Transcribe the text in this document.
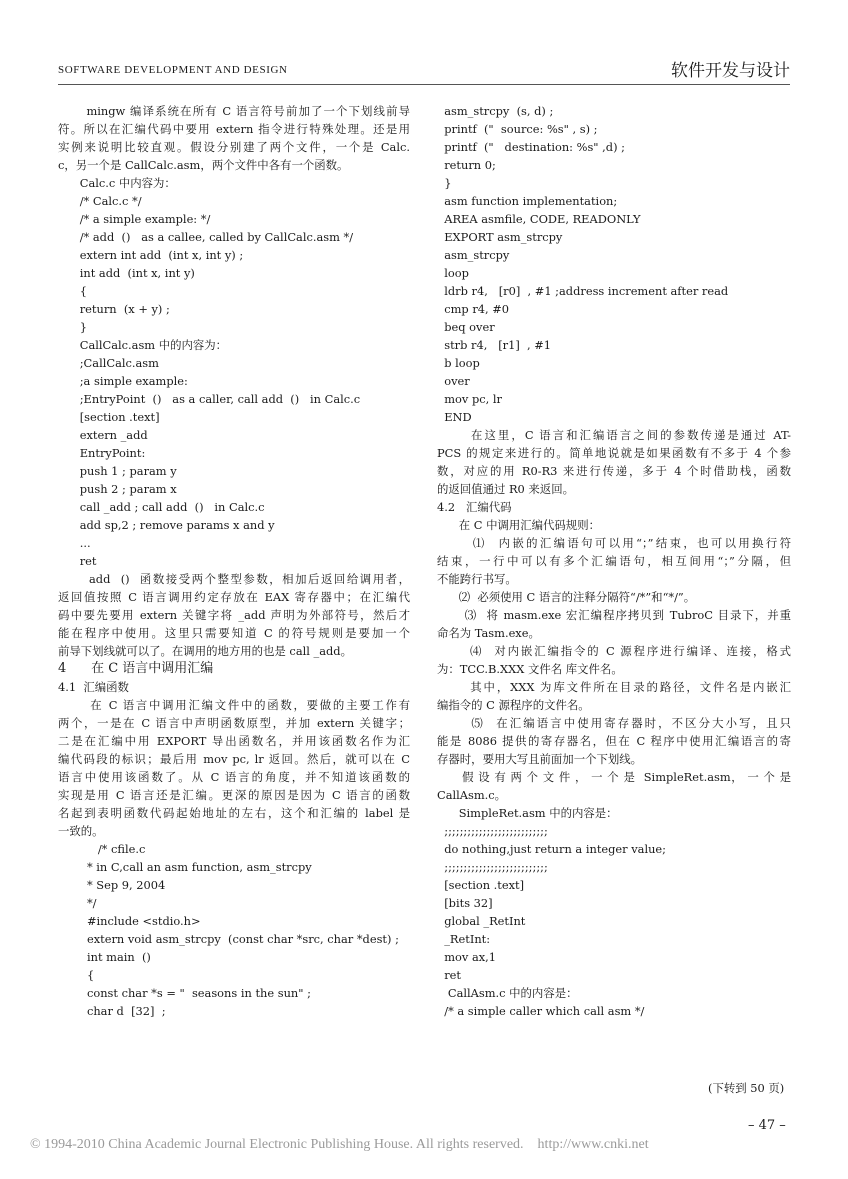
SOFTWARE DEVELOPMENT AND DESIGN	软件开发与设计
mingw 编译系统在所有 C 语言符号前加了一个下划线前导
符。所以在汇编代码中要用 extern 指令进行特殊处理。还是用
实例来说明比较直观。假设分别建了两个文件，一个是 Calc.
c，另一个是 CallCalc.asm，两个文件中各有一个函数。
Calc.c 中内容为：
/* Calc.c */
/* a simple example: */
/* add  ()   as a callee, called by CallCalc.asm */
extern int add  (int x, int y) ;
int add  (int x, int y)
{
return  (x + y) ;
}
CallCalc.asm 中的内容为：
;CallCalc.asm
;a simple example:
;EntryPoint  ()   as a caller, call add  ()   in Calc.c
[section .text]
extern _add
EntryPoint:
push 1 ; param y
push 2 ; param x
call _add ; call add  ()   in Calc.c
add sp,2 ; remove params x and y
...
ret
add  ()  函数接受两个整型参数，相加后返回给调用者，
返回值按照 C 语言调用约定存放在 EAX 寄存器中；在汇编代
码中要先要用 extern 关键字将 _add 声明为外部符号，然后才
能在程序中使用。这里只需要知道 C 的符号规则是要加一个
前导下划线就可以了。在调用的地方用的也是 call _add。
4      在 C 语言中调用汇编
4.1  汇编函数
在 C 语言中调用汇编文件中的函数，要做的主要工作有
两个，一是在 C 语言中声明函数原型，并加 extern 关键字；
二是在汇编中用 EXPORT 导出函数名，并用该函数名作为汇
编代码段的标识；最后用 mov pc, lr 返回。然后，就可以在 C
语言中使用该函数了。从 C 语言的角度，并不知道该函数的
实现是用 C 语言还是汇编。更深的原因是因为 C 语言的函数
名起到表明函数代码起始地址的左右，这个和汇编的 label 是
一致的。
/* cfile.c
* in C,call an asm function, asm_strcpy
* Sep 9, 2004
*/
#include <stdio.h>
extern void asm_strcpy  (const char *src, char *dest) ;
int main  ()
{
const char *s = "  seasons in the sun" ;
char d  [32]  ;
asm_strcpy  (s, d) ;
printf  ("  source: %s" , s) ;
printf  ("   destination: %s" ,d) ;
return 0;
}
asm function implementation;
AREA asmfile, CODE, READONLY
EXPORT asm_strcpy
asm_strcpy
loop
ldrb r4,   [r0]  , #1 ;address increment after read
cmp r4, #0
beq over
strb r4,   [r1]  , #1
b loop
over
mov pc, lr
END
在这里，C 语言和汇编语言之间的参数传递是通过 AT-
PCS 的规定来进行的。简单地说就是如果函数有不多于 4 个参
数，对应的用 R0-R3 来进行传递，多于 4 个时借助栈，函数
的返回值通过 R0 来返回。
4.2   汇编代码
在 C 中调用汇编代码规则：
⑴  内嵌的汇编语句可以用“；”结束，也可以用换行符
结束，一行中可以有多个汇编语句，相互间用“；”分隔，但
不能跨行书写。
⑵  必须使用 C 语言的注释分隔符“/*”和“*/”。
⑶  将 masm.exe 宏汇编程序拷贝到 TubroC 目录下，并重
命名为 Tasm.exe。
⑷  对内嵌汇编指令的 C 源程序进行编译、连接，格式
为：TCC.B.XXX 文件名 库文件名。
其中，XXX 为库文件所在目录的路径，文件名是内嵌汇
编指令的 C 源程序的文件名。
⑸  在汇编语言中使用寄存器时，不区分大小写，且只
能是 8086 提供的寄存器名，但在 C 程序中使用汇编语言的寄
存器时，要用大写且前面加一个下划线。
假 设 有 两 个 文 件 ， 一 个 是  SimpleRet.asm， 一 个 是
CallAsm.c。
SimpleRet.asm 中的内容是：
;;;;;;;;;;;;;;;;;;;;;;;;;;;
do nothing,just return a integer value;
;;;;;;;;;;;;;;;;;;;;;;;;;;;
[section .text]
[bits 32]
global _RetInt
_RetInt:
mov ax,1
ret
CallAsm.c 中的内容是：
/* a simple caller which call asm */
(下转到 50 页)
– 47 –
© 1994-2010 China Academic Journal Electronic Publishing House. All rights reserved.    http://www.cnki.net
